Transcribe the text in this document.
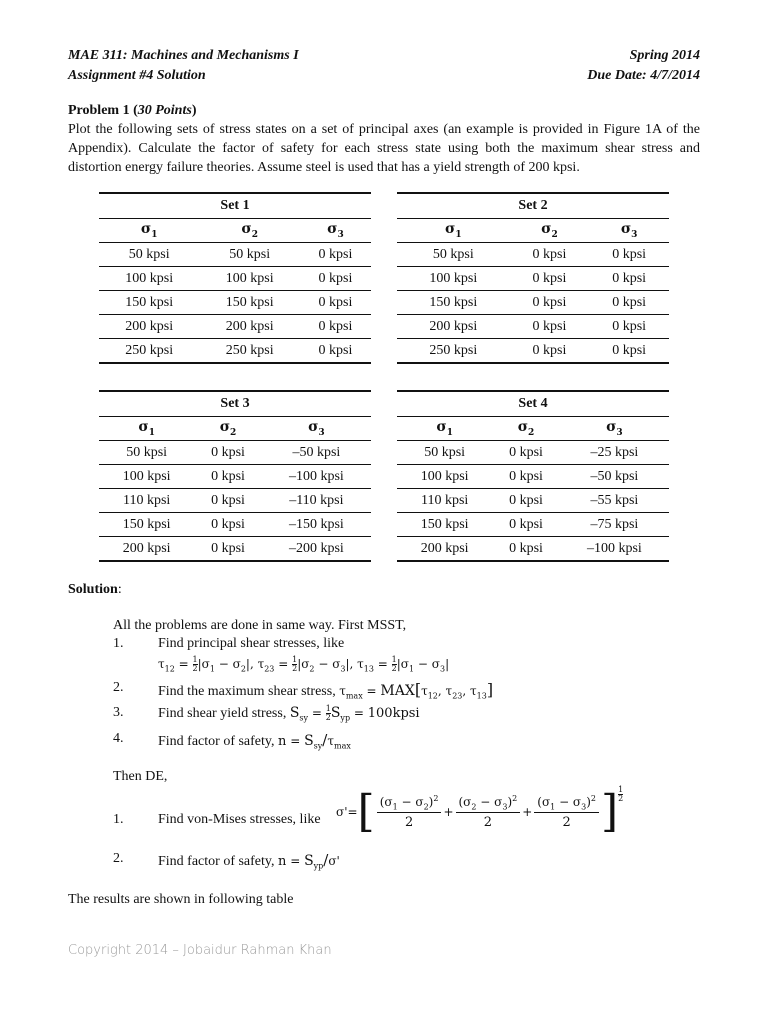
MAE 311: Machines and Mechanisms I	Spring 2014
Assignment #4 Solution	Due Date: 4/7/2014
Problem 1 (30 Points)
Plot the following sets of stress states on a set of principal axes (an example is provided in Figure 1A of the Appendix). Calculate the factor of safety for each stress state using both the maximum shear stress and distortion energy failure theories. Assume steel is used that has a yield strength of 200 kpsi.
Set 1		
$\sigma_1$	$\sigma_2$	$\sigma_3$
50 kpsi	50 kpsi	0 kpsi
100 kpsi	100 kpsi	0 kpsi
150 kpsi	150 kpsi	0 kpsi
200 kpsi	200 kpsi	0 kpsi
250 kpsi	250 kpsi	0 kpsi
Set 2		
$\sigma_1$	$\sigma_2$	$\sigma_3$
50 kpsi	0 kpsi	0 kpsi
100 kpsi	0 kpsi	0 kpsi
150 kpsi	0 kpsi	0 kpsi
200 kpsi	0 kpsi	0 kpsi
250 kpsi	0 kpsi	0 kpsi
Set 3		
$\sigma_1$	$\sigma_2$	$\sigma_3$
50 kpsi	0 kpsi	–50 kpsi
100 kpsi	0 kpsi	–100 kpsi
110 kpsi	0 kpsi	–110 kpsi
150 kpsi	0 kpsi	–150 kpsi
200 kpsi	0 kpsi	–200 kpsi
Set 4		
$\sigma_1$	$\sigma_2$	$\sigma_3$
50 kpsi	0 kpsi	–25 kpsi
100 kpsi	0 kpsi	–50 kpsi
110 kpsi	0 kpsi	–55 kpsi
150 kpsi	0 kpsi	–75 kpsi
200 kpsi	0 kpsi	–100 kpsi
Solution:
All the problems are done in same way. First MSST,
1. Find principal shear stresses, like
$\tau_{12} = \frac{1}{2} |\sigma_1 - \sigma_2|$, $\tau_{23} = \frac{1}{2} |\sigma_2 - \sigma_3|$, $\tau_{13} = \frac{1}{2} |\sigma_1 - \sigma_3|$
2. Find the maximum shear stress, $\tau_{max} = MAX[\tau_{12}$, $\tau_{23}$, $\tau_{13}$]
3. Find shear yield stress, $S_{sy} = \frac{1}{2} S_{yp}$ = 100kpsi
4. Find factor of safety, $n = S_{sy}/\tau_{max}$
Then DE,
1. Find von-Mises stresses, like σ'= [ $\frac{(\sigma_1 - \sigma_2)^2}{2} + \frac{(\sigma_2 - \sigma_3)^2}{2} + \frac{(\sigma_1 - \sigma_3)^2}{2}$ ] $\frac{1}{2}$
2. Find factor of safety, $n = S_{yp}/\sigma'$
The results are shown in following table
Copyright 2014 – Jobaidur Rahman Khan
